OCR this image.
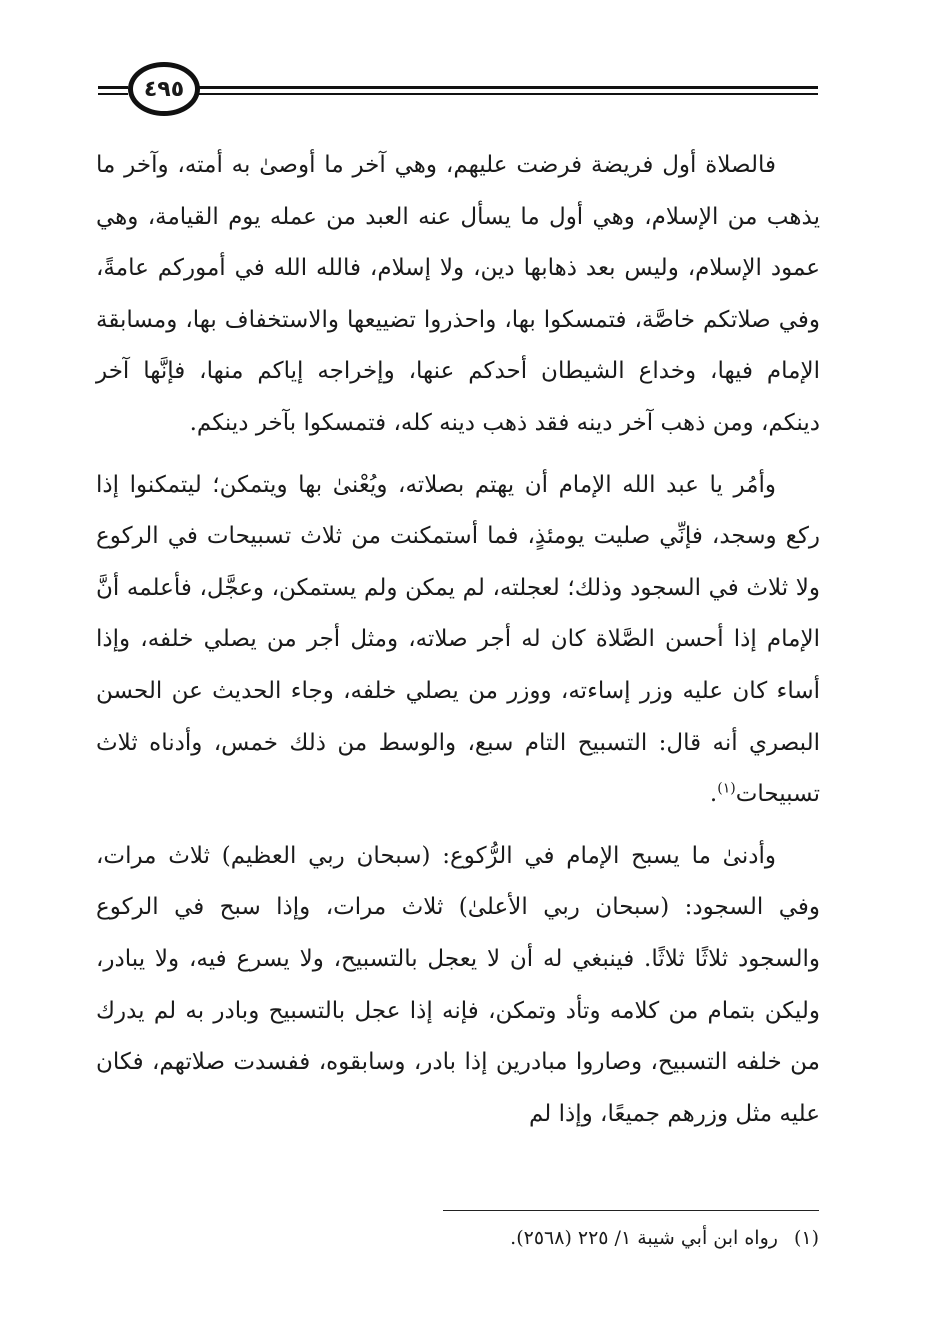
٤٩٥

فالصلاة أول فريضة فرضت عليهم، وهي آخر ما أوصىٰ به أمته، وآخر ما يذهب من الإسلام، وهي أول ما يسأل عنه العبد من عمله يوم القيامة، وهي عمود الإسلام، وليس بعد ذهابها دين، ولا إسلام، فالله الله في أموركم عامةً، وفي صلاتكم خاصَّة، فتمسكوا بها، واحذروا تضييعها والاستخفاف بها، ومسابقة الإمام فيها، وخداع الشيطان أحدكم عنها، وإخراجه إياكم منها، فإنَّها آخر دينكم، ومن ذهب آخر دينه فقد ذهب دينه كله، فتمسكوا بآخر دينكم.

وأمُر يا عبد الله الإمام أن يهتم بصلاته، ويُعْنىٰ بها ويتمكن؛ ليتمكنوا إذا ركع وسجد، فإنِّي صليت يومئذٍ، فما أستمكنت من ثلاث تسبيحات في الركوع ولا ثلاث في السجود وذلك؛ لعجلته، لم يمكن ولم يستمكن، وعجَّل، فأعلمه أنَّ الإمام إذا أحسن الصَّلاة كان له أجر صلاته، ومثل أجر من يصلي خلفه، وإذا أساء كان عليه وزر إساءته، ووزر من يصلي خلفه، وجاء الحديث عن الحسن البصري أنه قال: التسبيح التام سبع، والوسط من ذلك خمس، وأدناه ثلاث تسبيحات$^{(١)}$.

وأدنىٰ ما يسبح الإمام في الرُّكوع: (سبحان ربي العظيم) ثلاث مرات، وفي السجود: (سبحان ربي الأعلىٰ) ثلاث مرات، وإذا سبح في الركوع والسجود ثلاثًا ثلاثًا. فينبغي له أن لا يعجل بالتسبيح، ولا يسرع فيه، ولا يبادر، وليكن بتمام من كلامه وتأد وتمكن، فإنه إذا عجل بالتسبيح وبادر به لم يدرك من خلفه التسبيح، وصاروا مبادرين إذا بادر، وسابقوه، ففسدت صلاتهم، فكان عليه مثل وزرهم جميعًا، وإذا لم

(١)رواه ابن أبي شيبة ١/ ٢٢٥ (٢٥٦٨).
